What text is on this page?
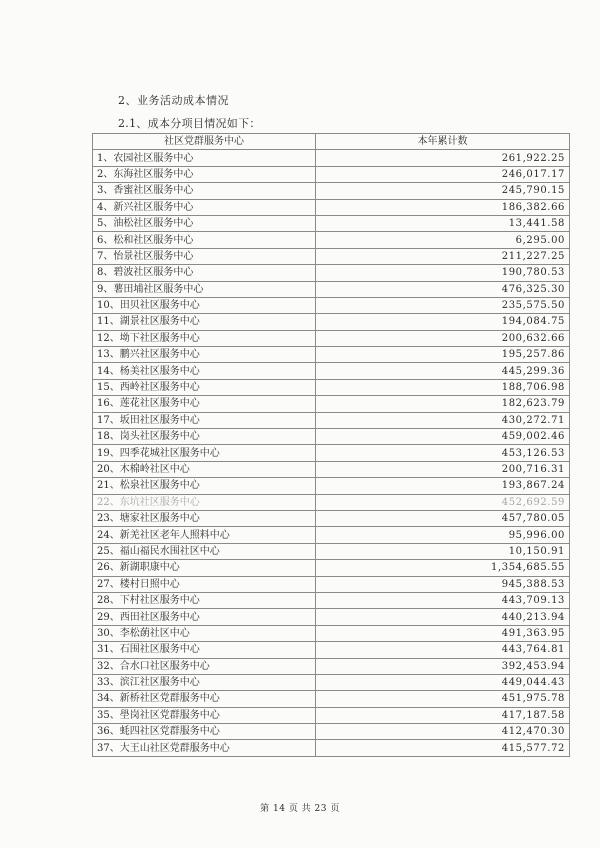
2、业务活动成本情况
2.1、成本分项目情况如下：
社区党群服务中心	本年累计数
1、农园社区服务中心	261,922.25
2、东海社区服务中心	246,017.17
3、香蜜社区服务中心	245,790.15
4、新兴社区服务中心	186,382.66
5、油松社区服务中心	13,441.58
6、松和社区服务中心	6,295.00
7、怡景社区服务中心	211,227.25
8、碧波社区服务中心	190,780.53
9、薯田埔社区服务中心	476,325.30
10、田贝社区服务中心	235,575.50
11、湖景社区服务中心	194,084.75
12、坳下社区服务中心	200,632.66
13、鹏兴社区服务中心	195,257.86
14、杨美社区服务中心	445,299.36
15、西岭社区服务中心	188,706.98
16、莲花社区服务中心	182,623.79
17、坂田社区服务中心	430,272.71
18、岗头社区服务中心	459,002.46
19、四季花城社区服务中心	453,126.53
20、木棉岭社区中心	200,716.31
21、松泉社区服务中心	193,867.24
22、东坑社区服务中心	452,692.59
23、塘家社区服务中心	457,780.05
24、新羌社区老年人照料中心	95,996.00
25、福山福民水围社区中心	10,150.91
26、新湖职康中心	1,354,685.55
27、楼村日照中心	945,388.53
28、下村社区服务中心	443,709.13
29、西田社区服务中心	440,213.94
30、李松蓢社区中心	491,363.95
31、石围社区服务中心	443,764.81
32、合水口社区服务中心	392,453.94
33、滨江社区服务中心	449,044.43
34、新桥社区党群服务中心	451,975.78
35、壆岗社区党群服务中心	417,187.58
36、蚝四社区党群服务中心	412,470.30
37、大王山社区党群服务中心	415,577.72
第 14 页 共 23 页
